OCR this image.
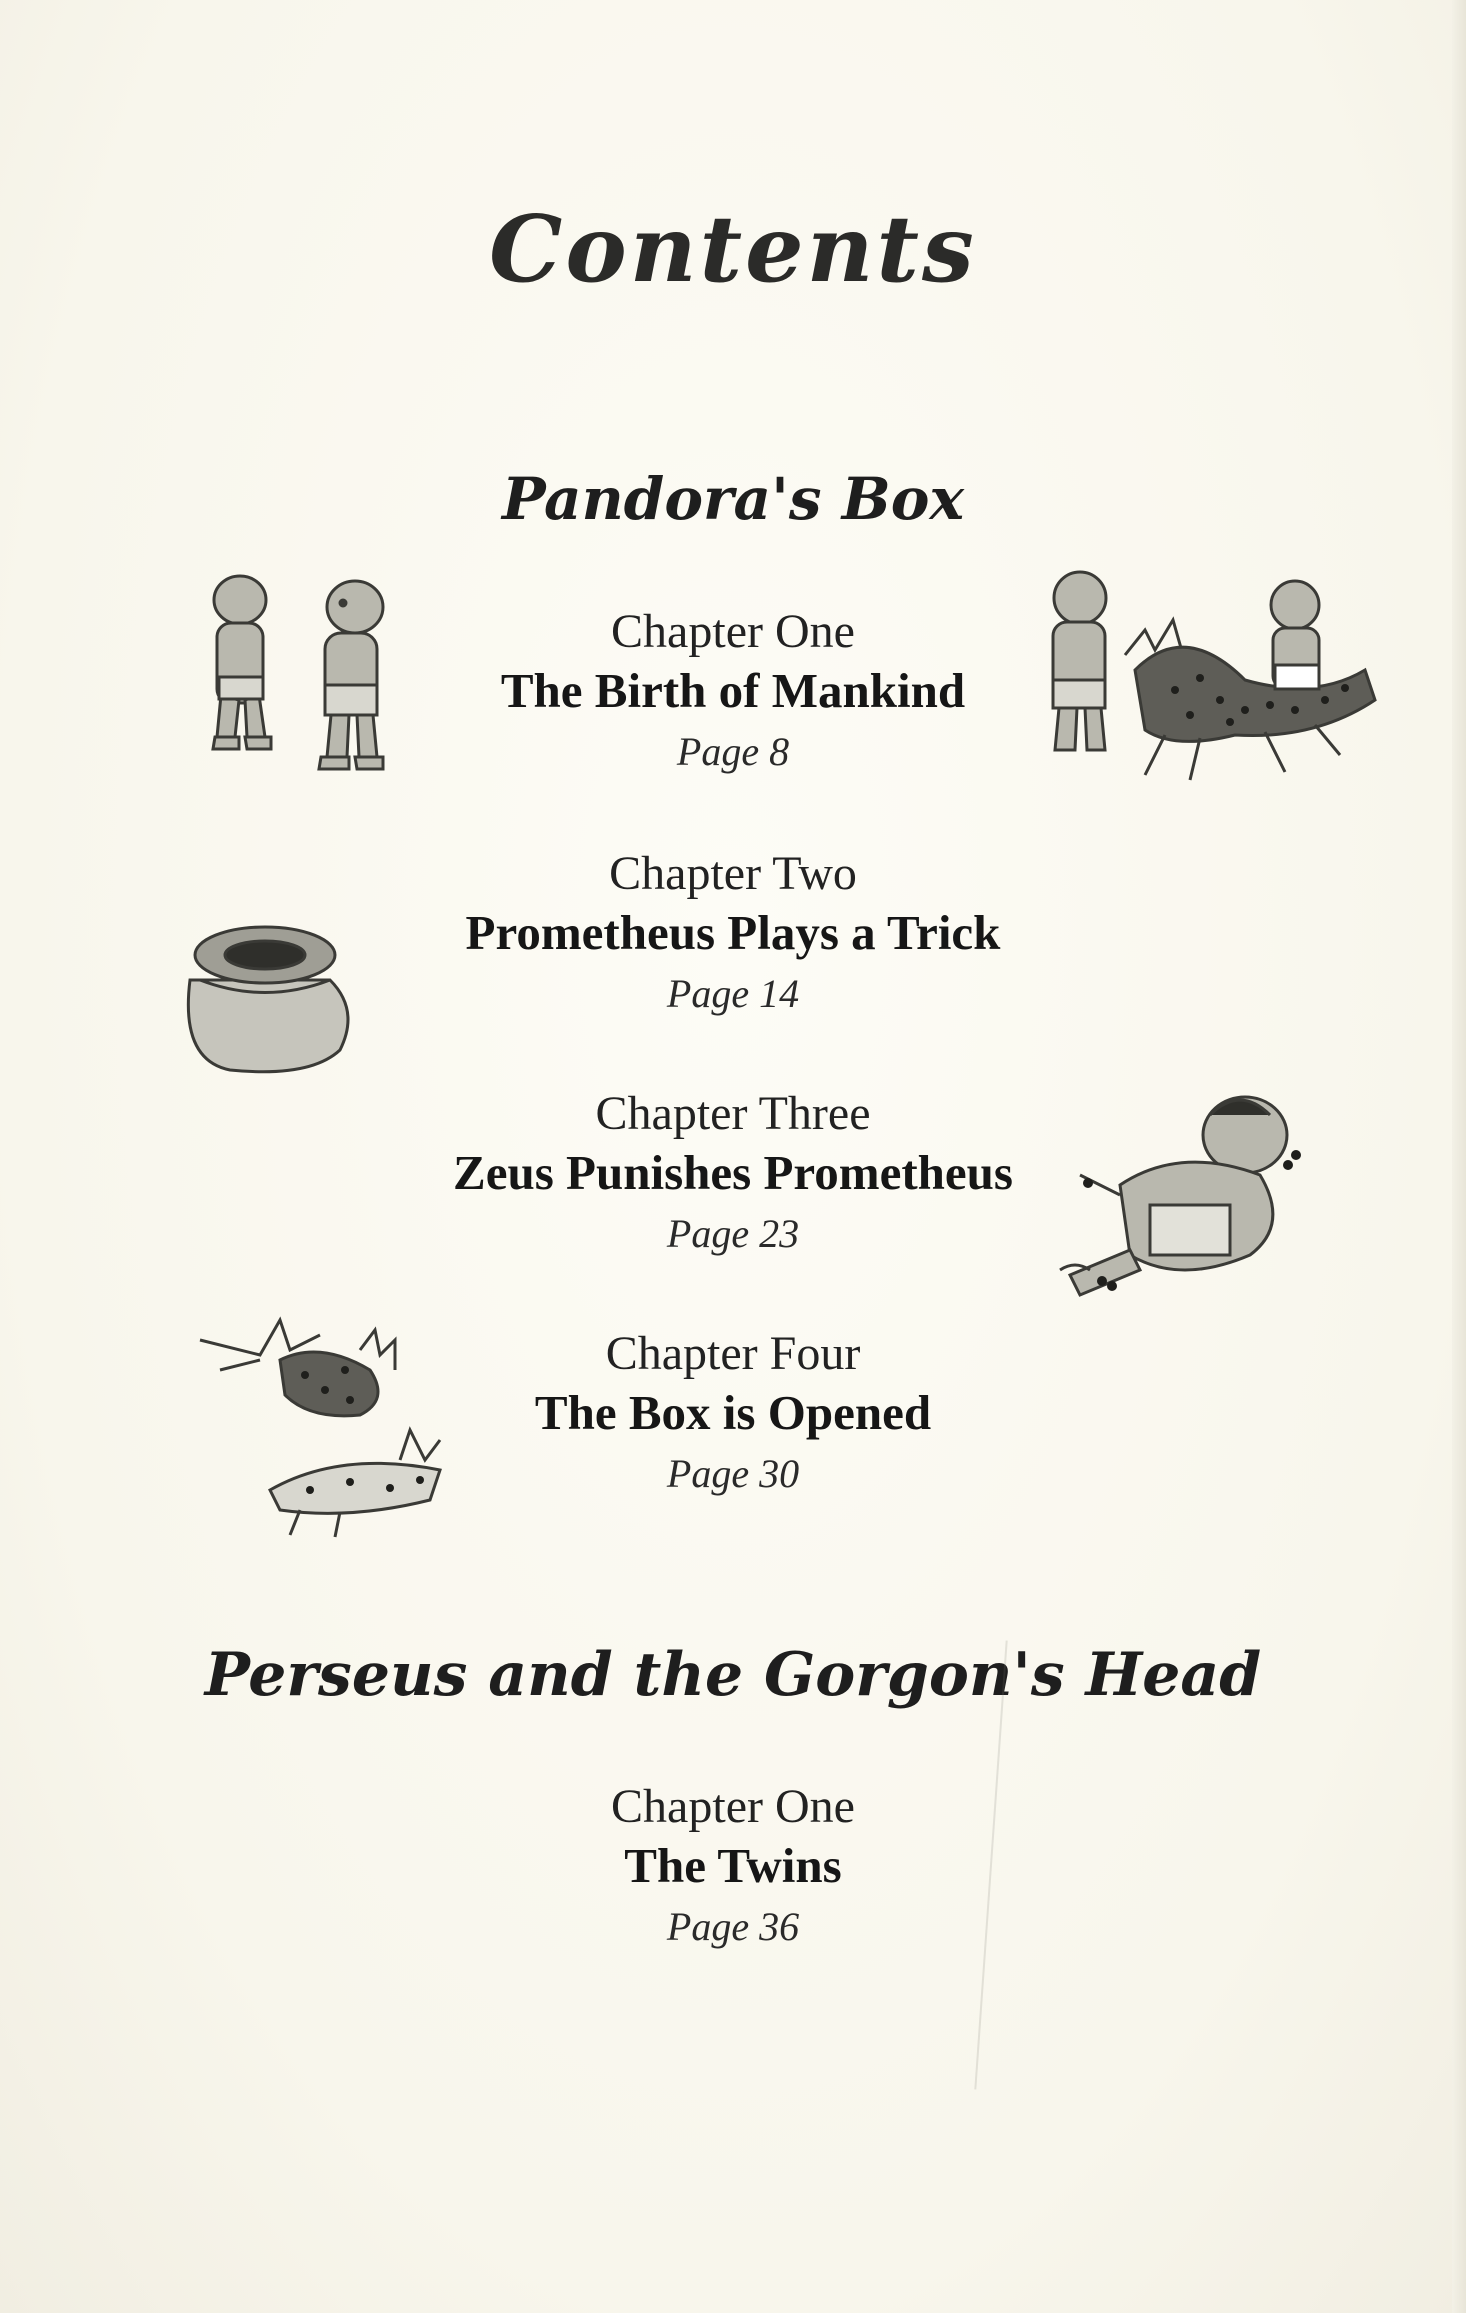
Contents
Pandora's Box
Chapter One
The Birth of Mankind
Page 8
Chapter Two
Prometheus Plays a Trick
Page 14
Chapter Three
Zeus Punishes Prometheus
Page 23
Chapter Four
The Box is Opened
Page 30
Perseus and the Gorgon's Head
Chapter One
The Twins
Page 36
